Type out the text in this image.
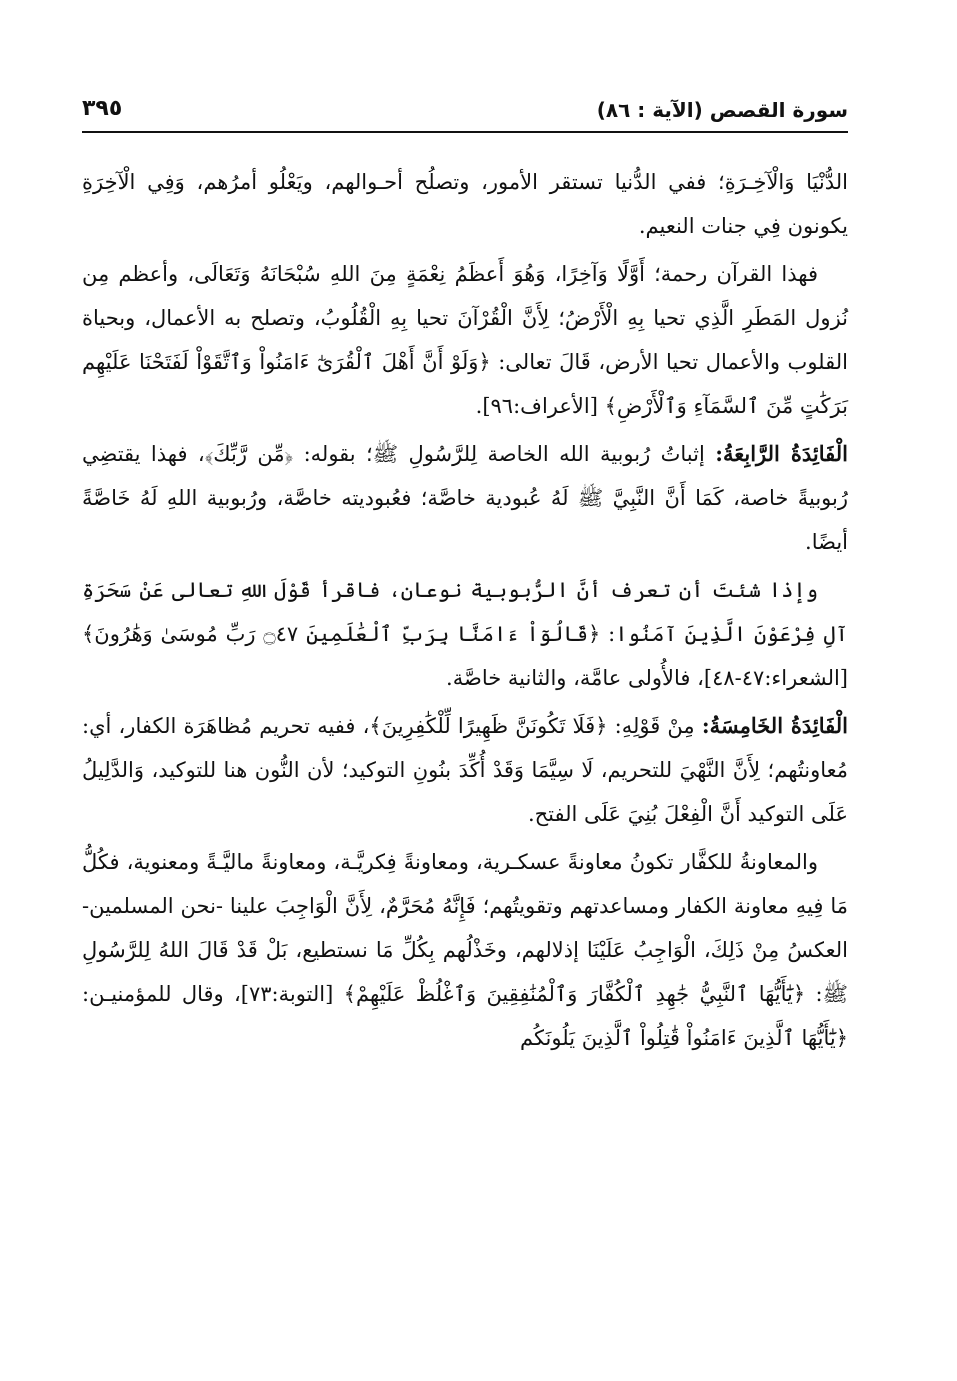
سورة القصص (الآية : ٨٦)
٣٩٥

الدُّنْيَا وَالْآخِـرَةِ؛ ففي الدُّنيا تستقر الأمور، وتصلُح أحـوالهم، ويَعْلُو أمرُهم، وَفِي الْآخِرَةِ يكونون فِي جنات النعيم.

فهذا القرآن رحمة؛ أَوَّلًا وَآخِرًا، وَهُوَ أَعظَمُ نِعْمَةٍ مِنَ اللهِ سُبْحَانَهُ وَتَعَالَى، وأعظم مِن نُزول المَطَرِ الَّذِي تحيا بِهِ الْأَرْضُ؛ لِأَنَّ الْقُرْآنَ تحيا بِهِ الْقُلُوبُ، وتصلح به الأعمال، وبحياة القلوب والأعمال تحيا الأرض، قَالَ تعالى: ﴿وَلَوْ أَنَّ أَهْلَ ٱلْقُرَىٰٓ ءَامَنُواْ وَٱتَّقَوْاْ لَفَتَحْنَا عَلَيْهِم بَرَكَٰتٍ مِّنَ ٱلسَّمَآءِ وَٱلْأَرْضِ﴾ [الأعراف:٩٦].

الْفَائِدَةُ الرَّابِعَةُ: إثباتُ رُبوبية الله الخاصة لِلرَّسُولِ ﷺ؛ بقوله: ﴿مِّن رَّبِّكَ﴾، فهذا يقتضِي رُبوبيةً خاصة، كَمَا أَنَّ النَّبِيَّ ﷺ لَهُ عُبودية خاصَّة؛ فعُبوديته خاصَّة، ورُبوبية اللهِ لَهُ خَاصَّةً أيضًا.

وإذا شئتَ أن تعرف أنَّ الرُّبوبية نوعان، فاقرأ قَوْلَ اللهِ تعالى عَنْ سَحَرَةِ آلِ فِرْعَوْنَ الَّذِينَ آمَنُوا: ﴿قَالُوٓاْ ءَامَنَّا بِرَبِّ ٱلْعَٰلَمِينَ ۝٤٧ رَبِّ مُوسَىٰ وَهَٰرُونَ﴾ [الشعراء:٤٧-٤٨]، فالأُولى عامَّة، والثانية خاصَّة.

الْفَائِدَةُ الخَامِسَةُ: مِنْ قَوْلِهِ: ﴿فَلَا تَكُونَنَّ ظَهِيرًا لِّلْكَٰفِرِينَ﴾، ففيه تحريم مُظاهَرَة الكفار، أي: مُعاونتُهم؛ لِأَنَّ النَّهْيَ للتحريم، لَا سِيَّمَا وَقَدْ أُكِّدَ بنُونِ التوكيد؛ لأن النُّون هنا للتوكيد، وَالدَّلِيلُ عَلَى التوكيد أَنَّ الْفِعْلَ بُنِيَ عَلَى الفتح.

والمعاونةُ للكفَّار تكونُ معاونةً عسكـرية، ومعاونةً فِكريَّـة، ومعاونةً ماليَّـةً ومعنوية، فكُلُّ مَا فِيهِ معاونة الكفار ومساعدتهم وتقويتُهم؛ فَإِنَّهُ مُحَرَّمٌ، لِأَنَّ الْوَاجِبَ علينا -نحن المسلمين- العكسُ مِنْ ذَلِكَ، الْوَاجِبُ عَلَيْنَا إذلالهم، وخَذْلُهم بِكُلِّ مَا نستطيع، بَلْ قَدْ قَالَ اللهُ لِلرَّسُولِ ﷺ: ﴿يَٰٓأَيُّهَا ٱلنَّبِيُّ جَٰهِدِ ٱلْكُفَّارَ وَٱلْمُنَٰفِقِينَ وَٱغْلُظْ عَلَيْهِمْ﴾ [التوبة:٧٣]، وقال للمؤمنيـن: ﴿يَٰٓأَيُّهَا ٱلَّذِينَ ءَامَنُواْ قَٰتِلُواْ ٱلَّذِينَ يَلُونَكُم
